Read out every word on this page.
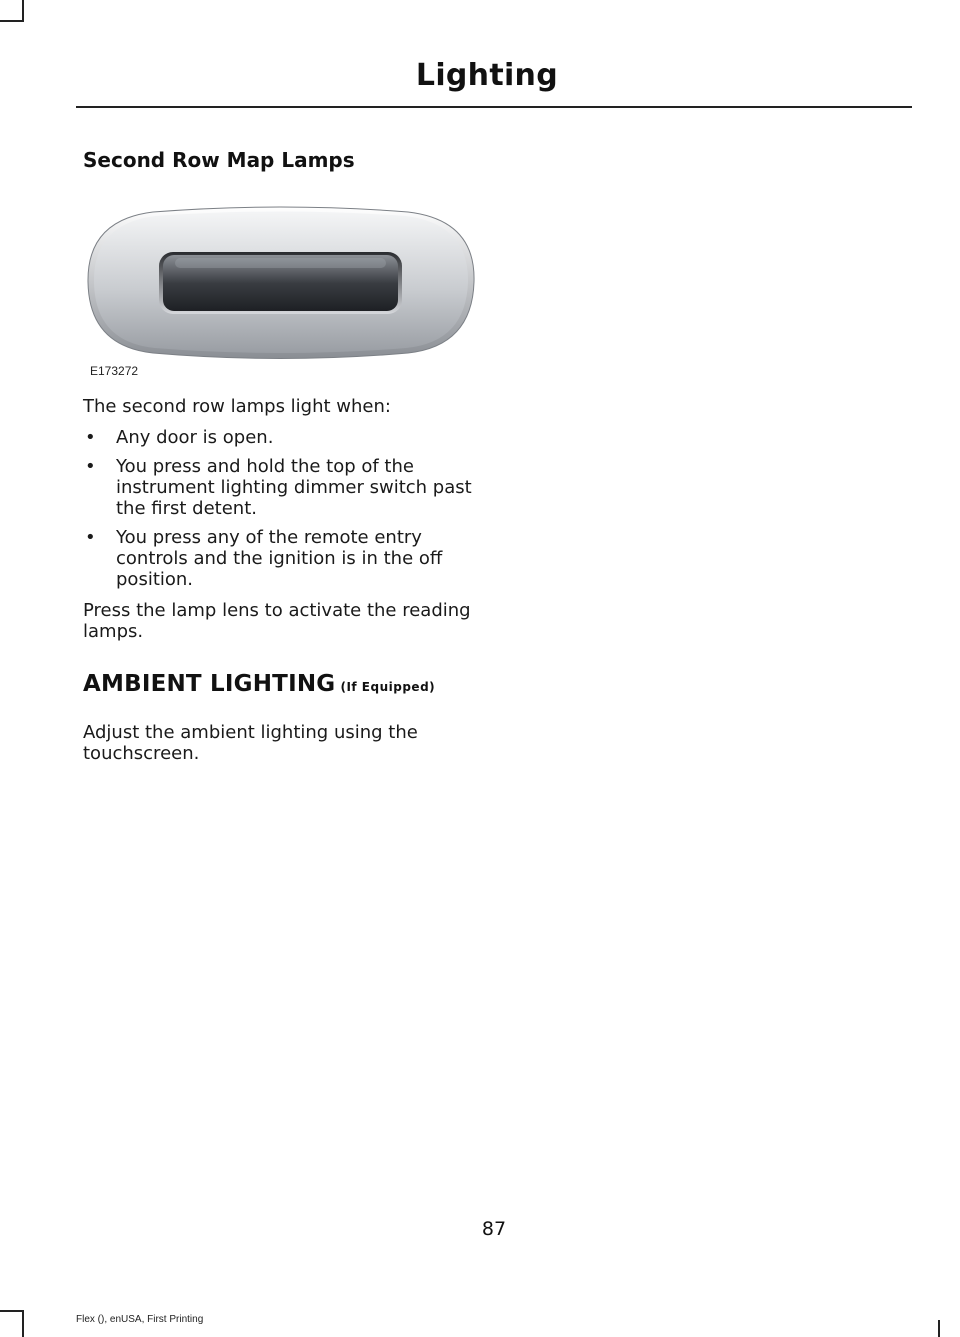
Lighting
Second Row Map Lamps
E173272

The second row lamps light when:

• Any door is open.
• You press and hold the top of the instrument lighting dimmer switch past the first detent.
• You press any of the remote entry controls and the ignition is in the off position.

Press the lamp lens to activate the reading lamps.

AMBIENT LIGHTING (If Equipped)

Adjust the ambient lighting using the touchscreen.

87
Flex (), enUSA, First Printing
